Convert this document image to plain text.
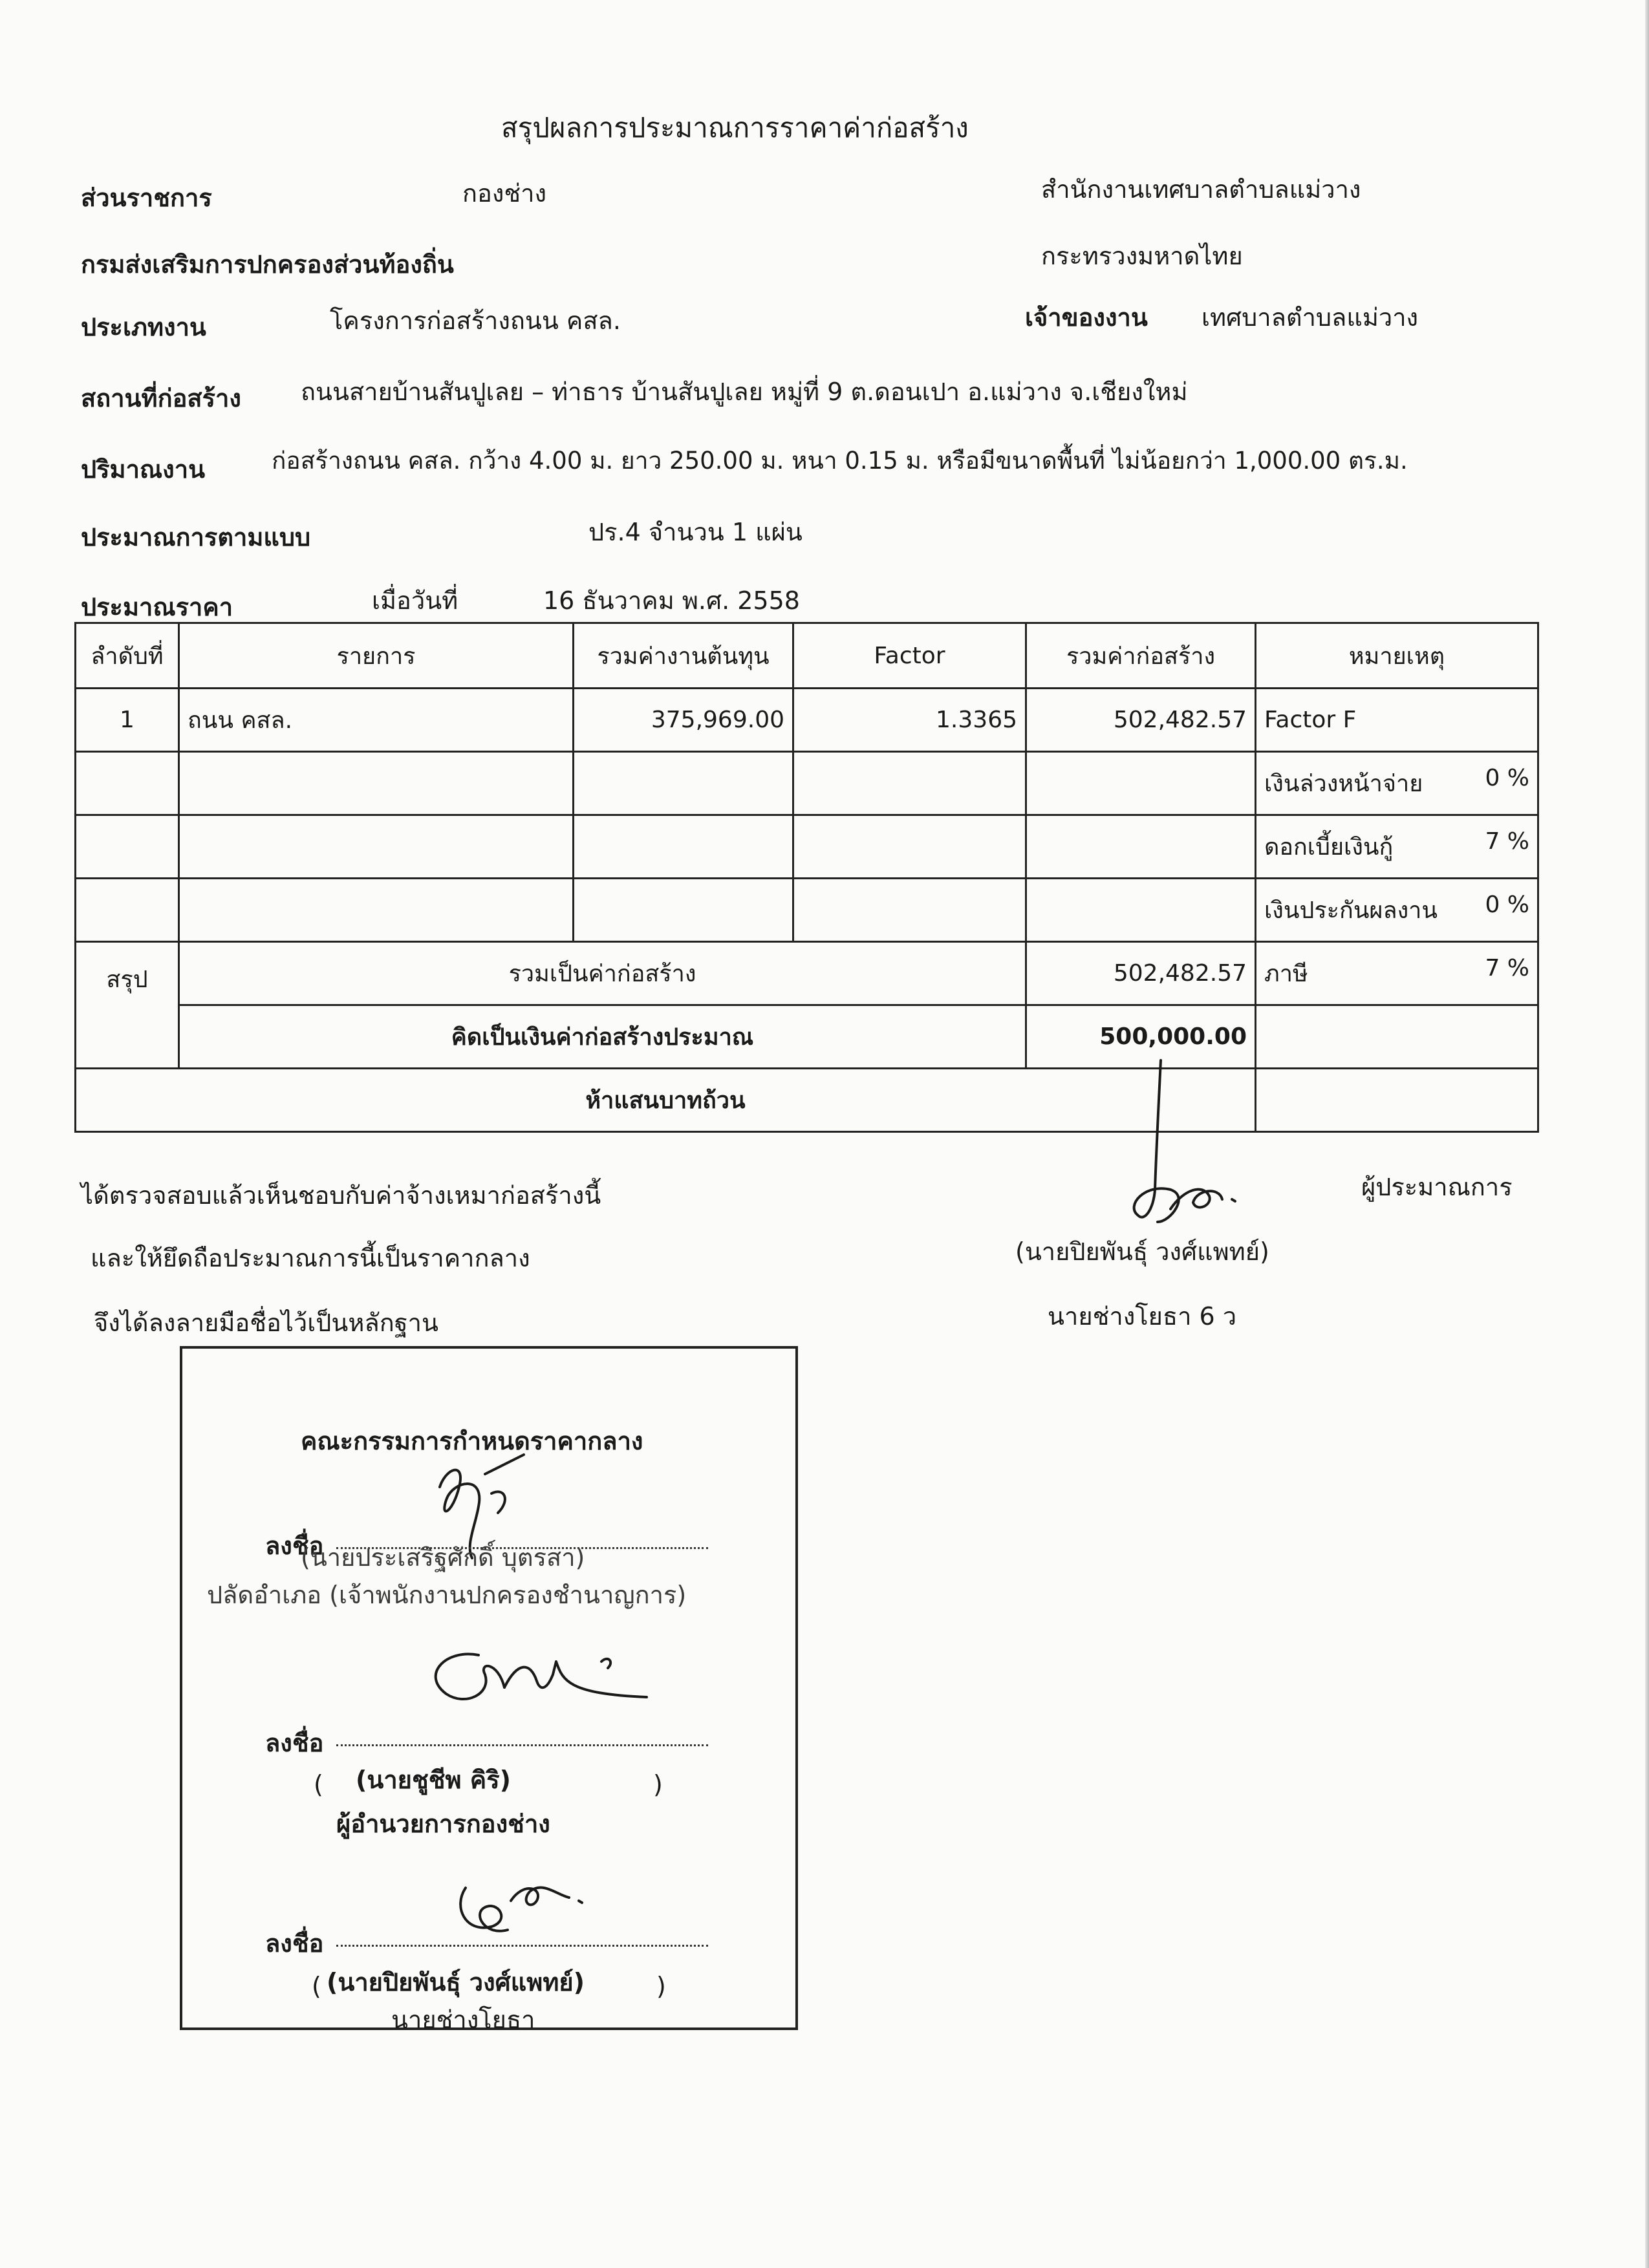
สรุปผลการประมาณการราคาค่าก่อสร้าง
ส่วนราชการ	กองช่าง	สำนักงานเทศบาลตำบลแม่วาง
กรมส่งเสริมการปกครองส่วนท้องถิ่น	กระทรวงมหาดไทย
ประเภทงาน	โครงการก่อสร้างถนน คสล.	เจ้าของงาน เทศบาลตำบลแม่วาง
สถานที่ก่อสร้าง ถนนสายบ้านสันปูเลย – ท่าธาร บ้านสันปูเลย หมู่ที่ 9 ต.ดอนเปา อ.แม่วาง จ.เชียงใหม่
ปริมาณงาน	ก่อสร้างถนน คสล. กว้าง 4.00 ม. ยาว 250.00 ม. หนา 0.15 ม. หรือมีขนาดพื้นที่ ไม่น้อยกว่า 1,000.00 ตร.ม.
ประมาณการตามแบบ	ปร.4 จำนวน 1 แผ่น
ประมาณราคา	เมื่อวันที่	16 ธันวาคม พ.ศ. 2558
ลำดับที่	รายการ	รวมค่างานต้นทุน	Factor	รวมค่าก่อสร้าง	หมายเหตุ
1	ถนน คสล.	375,969.00	1.3365	502,482.57	Factor F

					เงินล่วงหน้าจ่าย 0 %

					ดอกเบี้ยเงินกู้ 7 %

					เงินประกันผลงาน 0 %

สรุป	รวมเป็นค่าก่อสร้าง			502,482.57	ภาษี 7 %

	คิดเป็นเงินค่าก่อสร้างประมาณ			500,000.00	
ห้าแสนบาทถ้วน					
ได้ตรวจสอบแล้วเห็นชอบกับค่าจ้างเหมาก่อสร้างนี้
และให้ยึดถือประมาณการนี้เป็นราคากลาง
จึงได้ลงลายมือชื่อไว้เป็นหลักฐาน
ผู้ประมาณการ
(นายปิยพันธุ์ วงศ์แพทย์)
นายช่างโยธา 6 ว
คณะกรรมการกำหนดราคากลาง
ลงชื่อ
(นายประเสริฐศักดิ์ บุตรสา)
ปลัดอำเภอ (เจ้าพนักงานปกครองชำนาญการ)
ลงชื่อ
( (นายชูชีพ คิริ)	)
ผู้อำนวยการกองช่าง
ลงชื่อ
( (นายปิยพันธุ์ วงศ์แพทย์)	)
นายช่างโยธา
